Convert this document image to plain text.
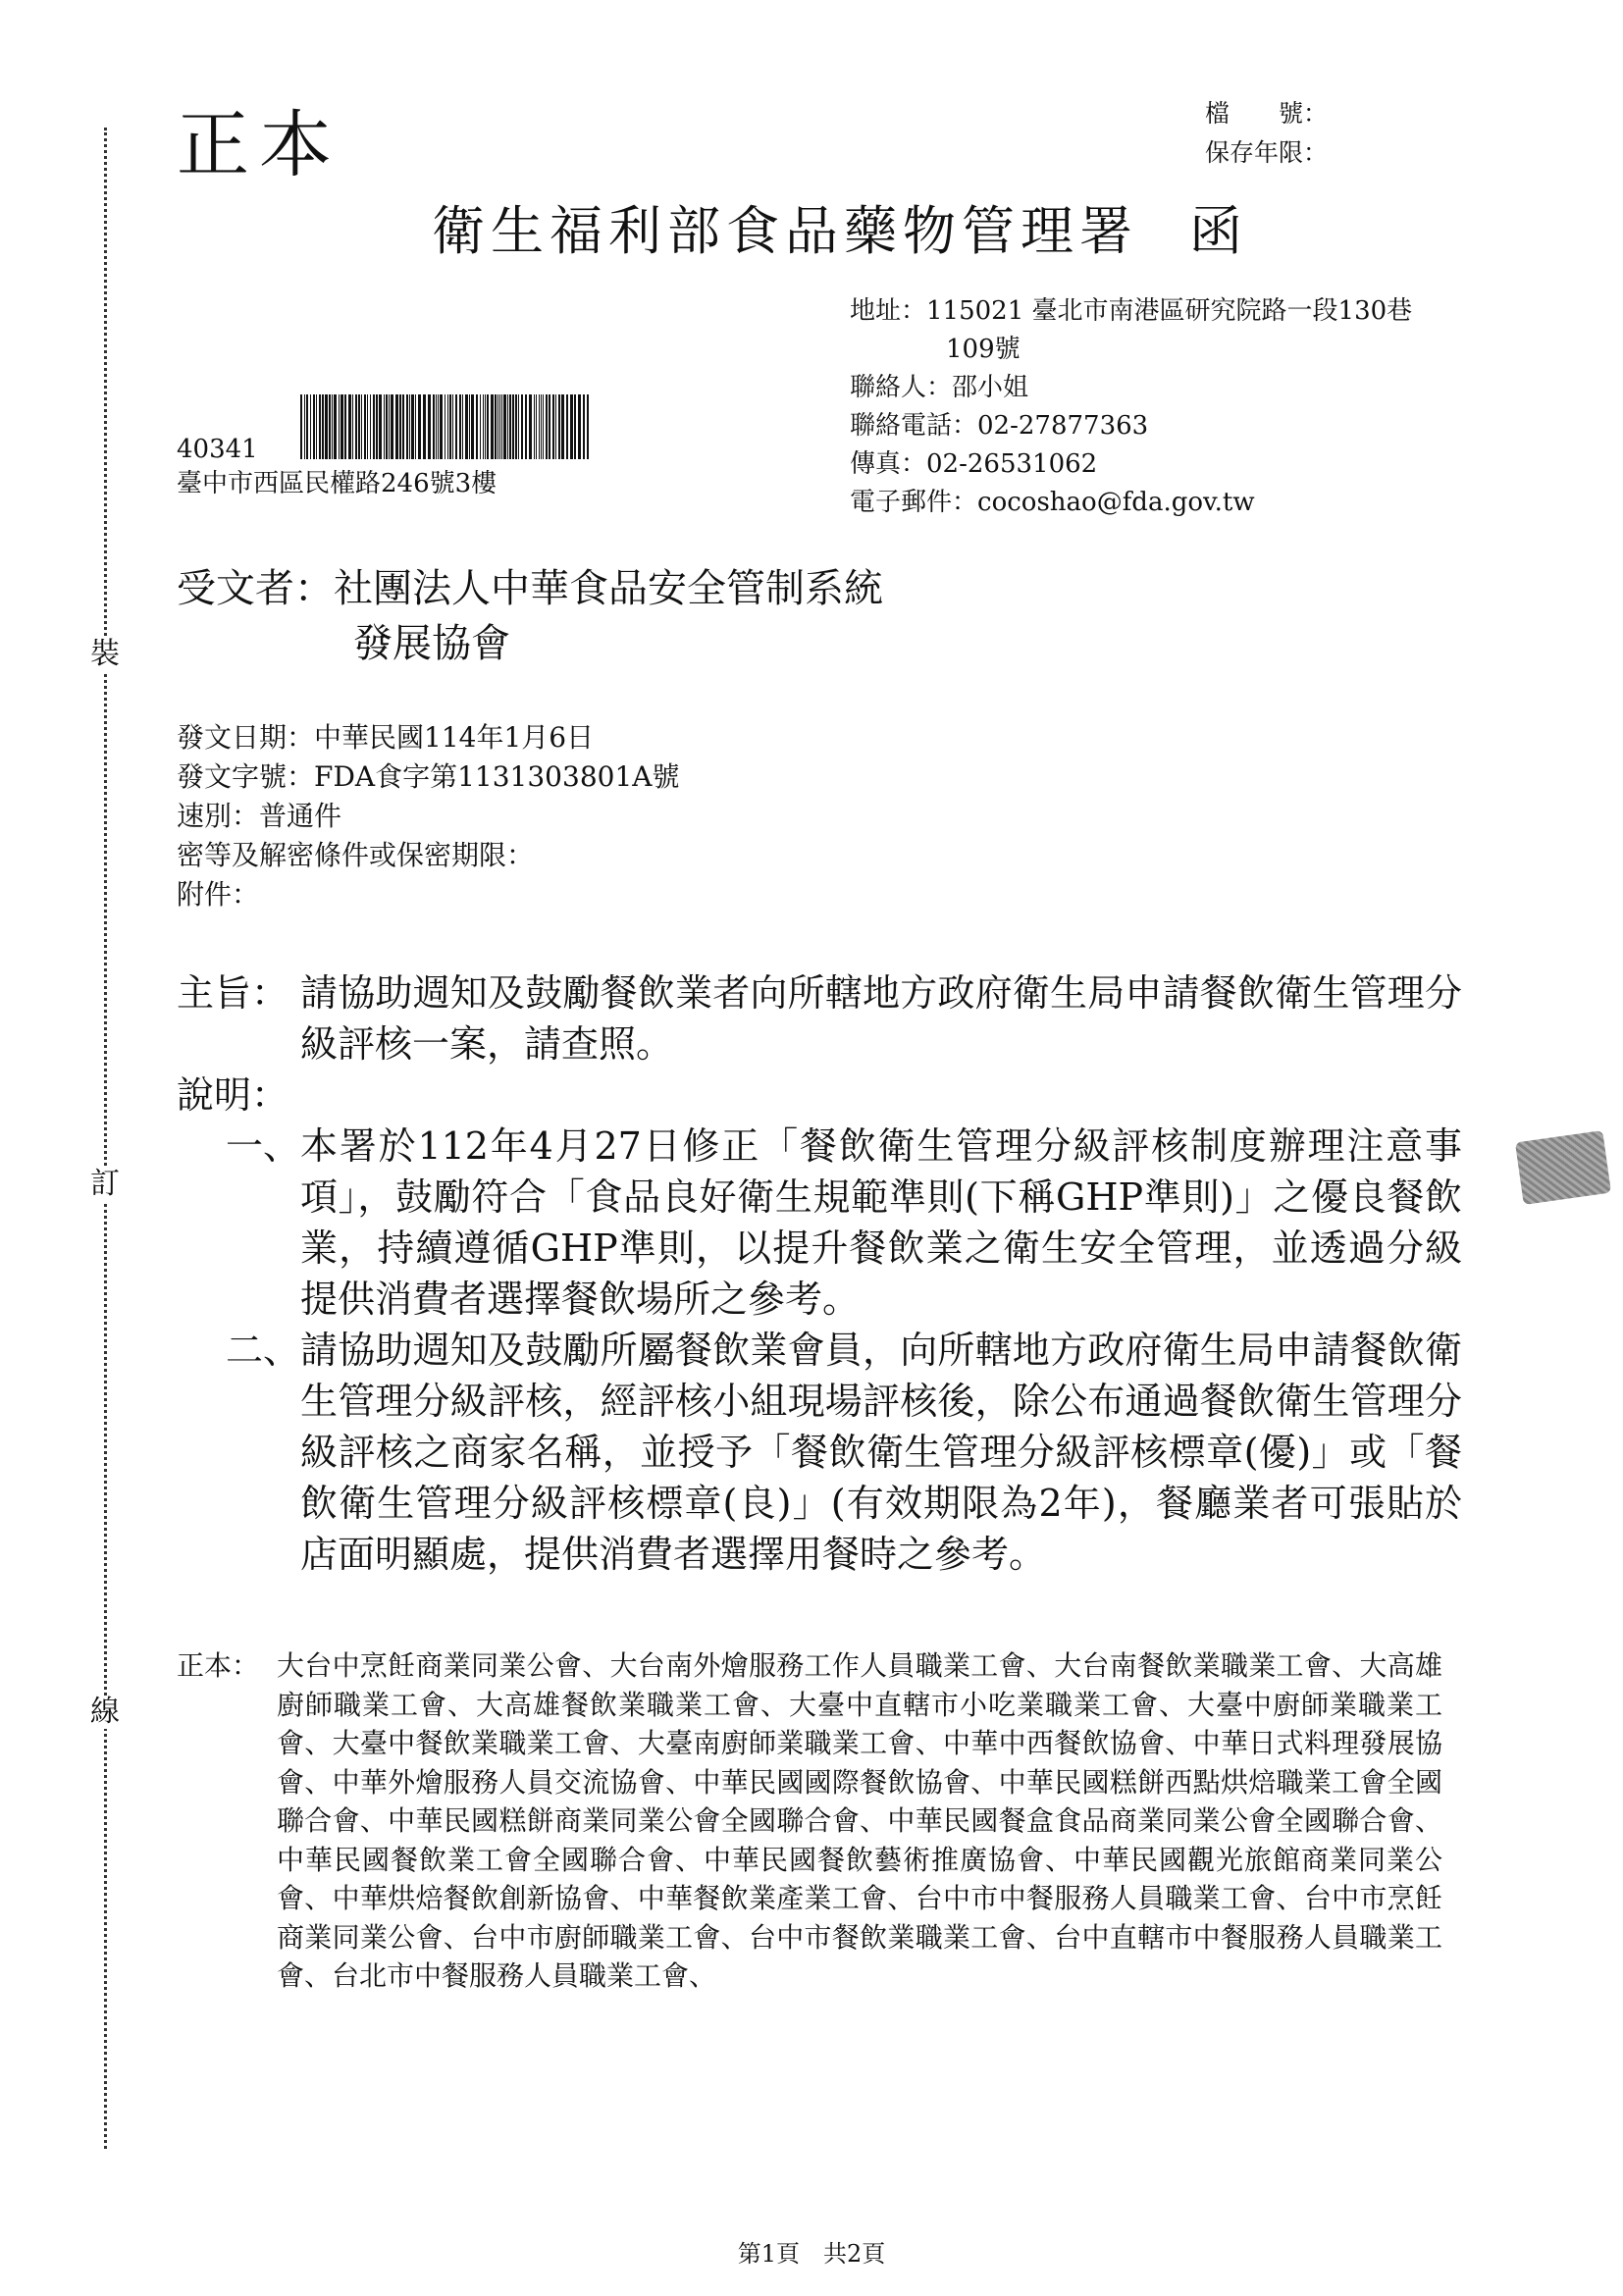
裝
訂
線
正本	檔　　號：
保存年限：
衛生福利部食品藥物管理署 函
地址： 115021 臺北市南港區研究院路一段130巷
109號
聯絡人： 邵小姐
聯絡電話： 02-27877363
傳真： 02-26531062
電子郵件： cocoshao@fda.gov.tw
40341
臺中市西區民權路246號3樓
受文者：社團法人中華食品安全管制系統
發展協會
發文日期：中華民國114年1月6日
發文字號：FDA食字第1131303801A號
速別：普通件
密等及解密條件或保密期限：
附件：
主旨： 請協助週知及鼓勵餐飲業者向所轄地方政府衛生局申請餐飲衛生管理分級評核一案，請查照。
說明：
一、 本署於112年4月27日修正「餐飲衛生管理分級評核制度辦理注意事項」，鼓勵符合「食品良好衛生規範準則(下稱GHP準則)」之優良餐飲業，持續遵循GHP準則，以提升餐飲業之衛生安全管理，並透過分級提供消費者選擇餐飲場所之參考。
二、 請協助週知及鼓勵所屬餐飲業會員，向所轄地方政府衛生局申請餐飲衛生管理分級評核，經評核小組現場評核後，除公布通過餐飲衛生管理分級評核之商家名稱，並授予「餐飲衛生管理分級評核標章(優)」或「餐飲衛生管理分級評核標章(良)」(有效期限為2年)，餐廳業者可張貼於店面明顯處，提供消費者選擇用餐時之參考。
正本： 大台中烹飪商業同業公會、大台南外燴服務工作人員職業工會、大台南餐飲業職業工會、大高雄廚師職業工會、大高雄餐飲業職業工會、大臺中直轄市小吃業職業工會、大臺中廚師業職業工會、大臺中餐飲業職業工會、大臺南廚師業職業工會、中華中西餐飲協會、中華日式料理發展協會、中華外燴服務人員交流協會、中華民國國際餐飲協會、中華民國糕餅西點烘焙職業工會全國聯合會、中華民國糕餅商業同業公會全國聯合會、中華民國餐盒食品商業同業公會全國聯合會、中華民國餐飲業工會全國聯合會、中華民國餐飲藝術推廣協會、中華民國觀光旅館商業同業公會、中華烘焙餐飲創新協會、中華餐飲業產業工會、台中市中餐服務人員職業工會、台中市烹飪商業同業公會、台中市廚師職業工會、台中市餐飲業職業工會、台中直轄市中餐服務人員職業工會、台北市中餐服務人員職業工會、
第1頁　共2頁
